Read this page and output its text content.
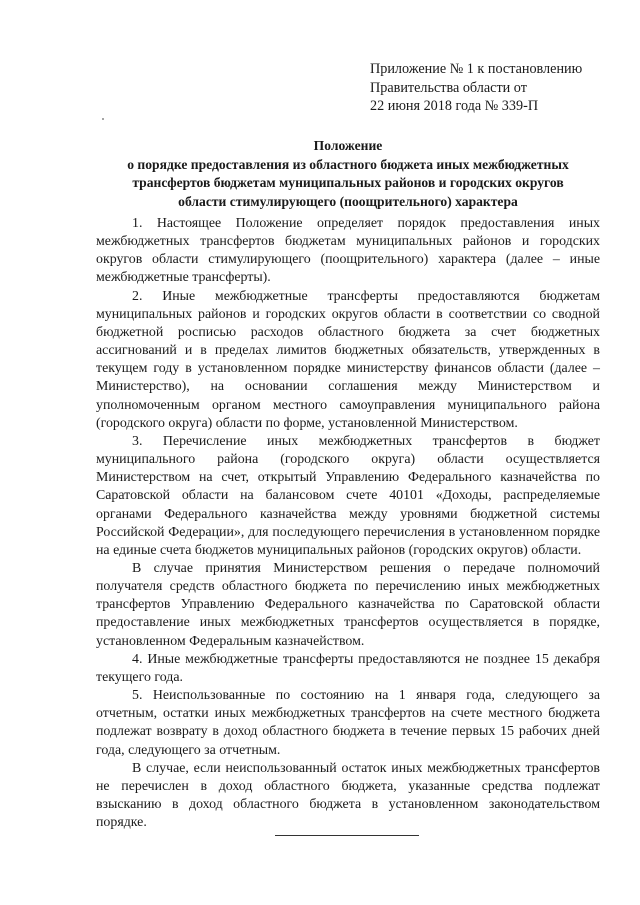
Приложение № 1 к постановлению
Правительства области от
22 июня 2018 года № 339-П
Положение
о порядке предоставления из областного бюджета иных межбюджетных
трансфертов бюджетам муниципальных районов и городских округов
области стимулирующего (поощрительного) характера

1. Настоящее Положение определяет порядок предоставления иных межбюджетных трансфертов бюджетам муниципальных районов и городских округов области стимулирующего (поощрительного) характера (далее – иные межбюджетные трансферты).

2. Иные межбюджетные трансферты предоставляются бюджетам муниципальных районов и городских округов области в соответствии со сводной бюджетной росписью расходов областного бюджета за счет бюджетных ассигнований и в пределах лимитов бюджетных обязательств, утвержденных в текущем году в установленном порядке министерству финансов области (далее – Министерство), на основании соглашения между Министерством и уполномоченным органом местного самоуправления муниципального района (городского округа) области по форме, установленной Министерством.

3. Перечисление иных межбюджетных трансфертов в бюджет муниципального района (городского округа) области осуществляется Министерством на счет, открытый Управлению Федерального казначейства по Саратовской области на балансовом счете 40101 «Доходы, распределяемые органами Федерального казначейства между уровнями бюджетной системы Российской Федерации», для последующего перечисления в установленном порядке на единые счета бюджетов муниципальных районов (городских округов) области.

В случае принятия Министерством решения о передаче полномочий получателя средств областного бюджета по перечислению иных межбюджетных трансфертов Управлению Федерального казначейства по Саратовской области предоставление иных межбюджетных трансфертов осуществляется в порядке, установленном Федеральным казначейством.

4. Иные межбюджетные трансферты предоставляются не позднее 15 декабря текущего года.

5. Неиспользованные по состоянию на 1 января года, следующего за отчетным, остатки иных межбюджетных трансфертов на счете местного бюджета подлежат возврату в доход областного бюджета в течение первых 15 рабочих дней года, следующего за отчетным.

В случае, если неиспользованный остаток иных межбюджетных трансфертов не перечислен в доход областного бюджета, указанные средства подлежат взысканию в доход областного бюджета в установленном законодательством порядке.
